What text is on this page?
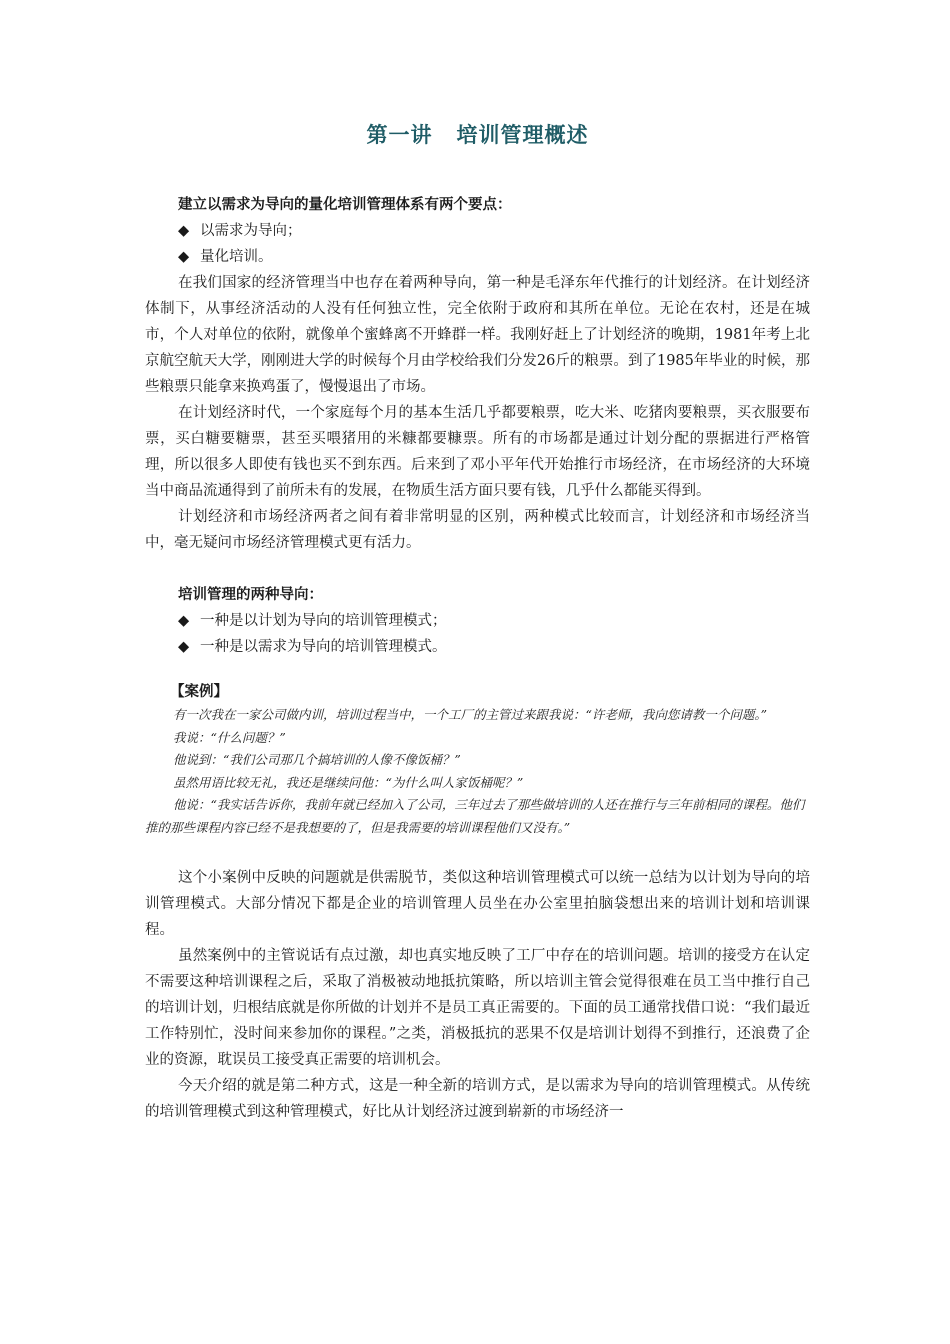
第一讲 培训管理概述
建立以需求为导向的量化培训管理体系有两个要点：
◆ 以需求为导向；
◆ 量化培训。

在我们国家的经济管理当中也存在着两种导向，第一种是毛泽东年代推行的计划经济。在计划经济体制下，从事经济活动的人没有任何独立性，完全依附于政府和其所在单位。无论在农村，还是在城市，个人对单位的依附，就像单个蜜蜂离不开蜂群一样。我刚好赶上了计划经济的晚期，1981年考上北京航空航天大学，刚刚进大学的时候每个月由学校给我们分发26斤的粮票。到了1985年毕业的时候，那些粮票只能拿来换鸡蛋了，慢慢退出了市场。

在计划经济时代，一个家庭每个月的基本生活几乎都要粮票，吃大米、吃猪肉要粮票，买衣服要布票，买白糖要糖票，甚至买喂猪用的米糠都要糠票。所有的市场都是通过计划分配的票据进行严格管理，所以很多人即使有钱也买不到东西。后来到了邓小平年代开始推行市场经济，在市场经济的大环境当中商品流通得到了前所未有的发展，在物质生活方面只要有钱，几乎什么都能买得到。

计划经济和市场经济两者之间有着非常明显的区别，两种模式比较而言，计划经济和市场经济当中，毫无疑问市场经济管理模式更有活力。

培训管理的两种导向：
◆ 一种是以计划为导向的培训管理模式；
◆ 一种是以需求为导向的培训管理模式。
【案例】

有一次我在一家公司做内训，培训过程当中，一个工厂的主管过来跟我说：“许老师，我向您请教一个问题。”

我说：“什么问题？”

他说到：“我们公司那几个搞培训的人像不像饭桶？”

虽然用语比较无礼，我还是继续问他：“为什么叫人家饭桶呢？”

他说：“我实话告诉你，我前年就已经加入了公司，三年过去了那些做培训的人还在推行与三年前相同的课程。他们推的那些课程内容已经不是我想要的了，但是我需要的培训课程他们又没有。”

这个小案例中反映的问题就是供需脱节，类似这种培训管理模式可以统一总结为以计划为导向的培训管理模式。大部分情况下都是企业的培训管理人员坐在办公室里拍脑袋想出来的培训计划和培训课程。

虽然案例中的主管说话有点过激，却也真实地反映了工厂中存在的培训问题。培训的接受方在认定不需要这种培训课程之后，采取了消极被动地抵抗策略，所以培训主管会觉得很难在员工当中推行自己的培训计划，归根结底就是你所做的计划并不是员工真正需要的。下面的员工通常找借口说：“我们最近工作特别忙，没时间来参加你的课程。”之类，消极抵抗的恶果不仅是培训计划得不到推行，还浪费了企业的资源，耽误员工接受真正需要的培训机会。

今天介绍的就是第二种方式，这是一种全新的培训方式，是以需求为导向的培训管理模式。从传统的培训管理模式到这种管理模式，好比从计划经济过渡到崭新的市场经济一
